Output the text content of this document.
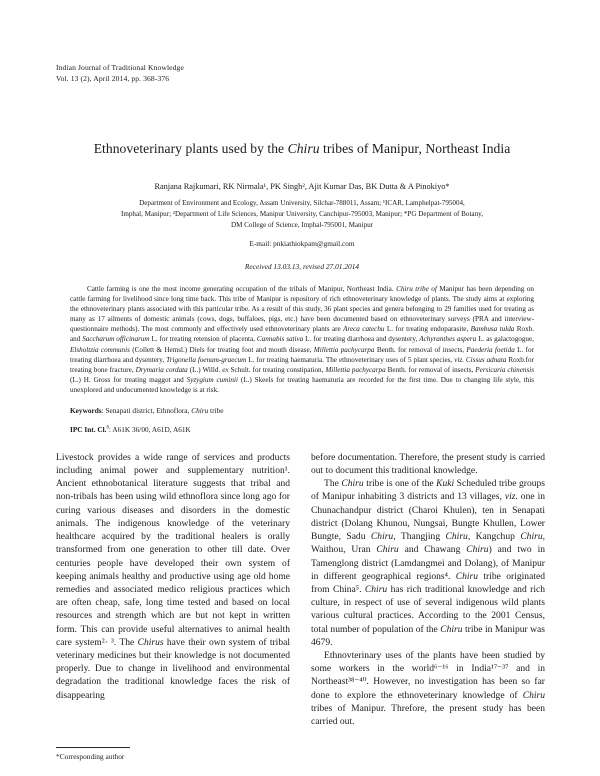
Indian Journal of Traditional Knowledge
Vol. 13 (2), April 2014, pp. 368-376
Ethnoveterinary plants used by the Chiru tribes of Manipur, Northeast India
Ranjana Rajkumari, RK Nirmala¹, PK Singh², Ajit Kumar Das, BK Dutta & A Pinokiyo*
Department of Environment and Ecology, Assam University, Silchar-788011, Assam; ¹ICAR, Lamphelpat-795004,
Imphal, Manipur; ²Department of Life Sciences, Manipur University, Canchipur-795003, Manipur; *PG Department of Botany,
DM College of Science, Imphal-795001, Manipur
E-mail: pnkiathiokpam@gmail.com
Received 13.03.13, revised 27.01.2014
Cattle farming is one the most income generating occupation of the tribals of Manipur, Northeast India. Chiru tribe of Manipur has been depending on cattle farming for livelihood since long time back. This tribe of Manipur is repository of rich ethnoveterinary knowledge of plants. The study aims at exploring the ethnoveterinary plants associated with this particular tribe. As a result of this study, 36 plant species and genera belonging to 29 families used for treating as many as 17 ailments of domestic animals (cows, dogs, buffaloes, pigs, etc.) have been documented based on ethnoveterinary surveys (PRA and interview-questionnaire methods). The most commonly and effectively used ethnoveterinary plants are Areca catechu L. for treating endoparasite, Bambusa tulda Roxb. and Saccharum officinarum L. for treating retension of placenta, Cannabis sativa L. for treating diarrhoea and dysentery, Achyranthes aspera L. as galactogogue, Elsholtzia communis (Collett & Hemsl.) Diels for treating foot and mouth disease, Millettia pachycarpa Benth. for removal of insects, Paederia foetida L. for treating diarrhoea and dysentery, Trigonella foenum-graecum L. for treating haematuria. The ethnoveterinary uses of 5 plant species, viz. Cissus adnata Roxb.for treating bone fracture, Drymaria cordata (L.) Willd. ex Schult. for treating constipation, Millettia pachycarpa Benth. for removal of insects, Persicaria chinensis (L.) H. Gross for treating maggot and Syzygium cuminii (L.) Skeels for treating haematuria are recorded for the first time. Due to changing life style, this unexplored and undocumented knowledge is at risk.
Keywords: Senapati district, Ethnoflora, Chiru tribe
IPC Int. Cl.$^8$: A61K 36/00, A61D, A61K

Livestock provides a wide range of services and products including animal power and supplementary nutrition¹. Ancient ethnobotanical literature suggests that tribal and non-tribals has been using wild ethnoflora since long ago for curing various diseases and disorders in the domestic animals. The indigenous knowledge of the veterinary healthcare acquired by the traditional healers is orally transformed from one generation to other till date. Over centuries people have developed their own system of keeping animals healthy and productive using age old home remedies and associated medico religious practices which are often cheap, safe, long time tested and based on local resources and strength which are but not kept in written form. This can provide useful alternatives to animal health care system²· ³. The Chirus have their own system of tribal veterinary medicines but their knowledge is not documented properly. Due to change in livelihood and environmental degradation the traditional knowledge faces the risk of disappearing

before documentation. Therefore, the present study is carried out to document this traditional knowledge.

The Chiru tribe is one of the Kuki Scheduled tribe groups of Manipur inhabiting 3 districts and 13 villages, viz. one in Chunachandpur district (Charoi Khulen), ten in Senapati district (Dolang Khunou, Nungsai, Bungte Khullen, Lower Bungte, Sadu Chiru, Thangjing Chiru, Kangchup Chiru, Waithou, Uran Chiru and Chawang Chiru) and two in Tamenglong district (Lamdangmei and Dolang), of Manipur in different geographical regions⁴. Chiru tribe originated from China⁵. Chiru has rich traditional knowledge and rich culture, in respect of use of several indigenous wild plants various cultural practices. According to the 2001 Census, total number of population of the Chiru tribe in Manipur was 4679.

Ethnovterinary uses of the plants have been studied by some workers in the world⁶⁻¹⁶ in India¹⁷⁻³⁷ and in Northeast³⁸⁻⁴⁰. However, no investigation has been so far done to explore the ethnoveterinary knowledge of Chiru tribes of Manipur. Threfore, the present study has been carried out.

*Corresponding author
